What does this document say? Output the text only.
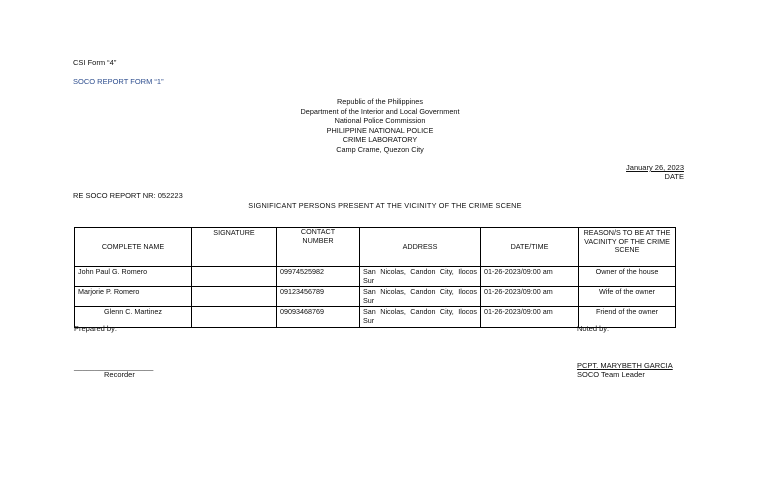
CSI Form “4”
SOCO REPORT FORM “1”
Republic of the Philippines
Department of the Interior and Local Government
National Police Commission
PHILIPPINE NATIONAL POLICE
CRIME LABORATORY
Camp Crame, Quezon City
January 26, 2023
DATE
RE SOCO REPORT NR: 052223
SIGNIFICANT PERSONS PRESENT AT THE VICINITY OF THE CRIME SCENE
COMPLETE NAME	SIGNATURE	CONTACT NUMBER	ADDRESS	DATE/TIME	REASON/S TO BE AT THE VACINITY OF THE CRIME SCENE
John Paul G. Romero		09974525982	San Nicolas, Candon City, Ilocos Sur	01-26-2023/09:00 am	Owner of the house
Marjorie P. Romero		09123456789	San Nicolas, Candon City, Ilocos Sur	01-26-2023/09:00 am	Wife of the owner
Glenn C. Martinez		09093468769	San Nicolas, Candon City, Ilocos Sur	01-26-2023/09:00 am	Friend of the owner
Prepared by:	Noted by:
___________________
Recorder
PCPT. MARYBETH GARCIA
SOCO Team Leader
